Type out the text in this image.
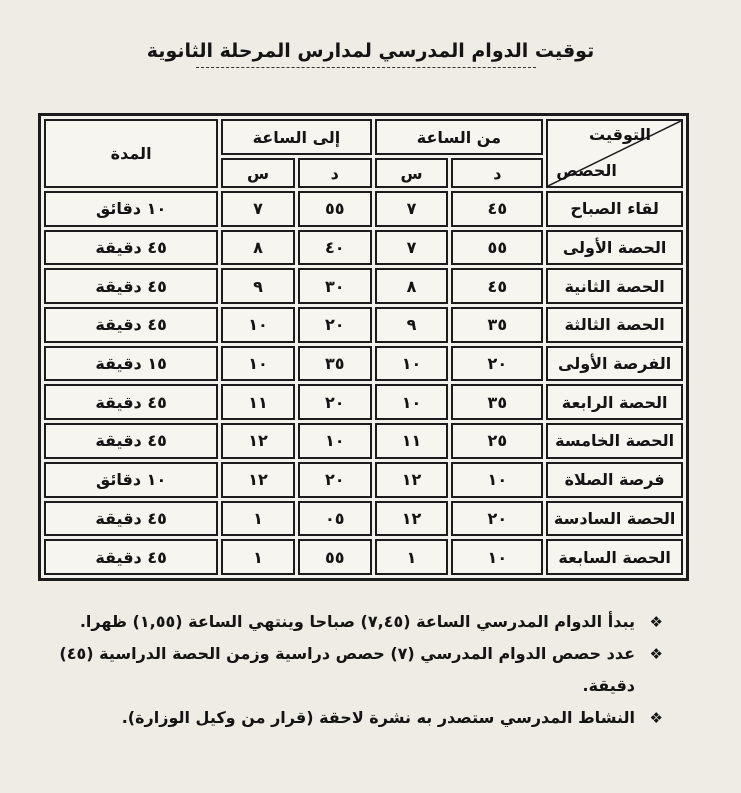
توقيت الدوام المدرسي لمدارس المرحلة الثانوية
التوقيت
الحصص	من الساعة		إلى الساعة		المدة
	د	س	د	س	
لقاء الصباح	٤٥	٧	٥٥	٧	١٠ دقائق
الحصة الأولى	٥٥	٧	٤٠	٨	٤٥ دقيقة
الحصة الثانية	٤٥	٨	٣٠	٩	٤٥ دقيقة
الحصة الثالثة	٣٥	٩	٢٠	١٠	٤٥ دقيقة
الفرصة الأولى	٢٠	١٠	٣٥	١٠	١٥ دقيقة
الحصة الرابعة	٣٥	١٠	٢٠	١١	٤٥ دقيقة
الحصة الخامسة	٢٥	١١	١٠	١٢	٤٥ دقيقة
فرصة الصلاة	١٠	١٢	٢٠	١٢	١٠ دقائق
الحصة السادسة	٢٠	١٢	٠٥	١	٤٥ دقيقة
الحصة السابعة	١٠	١	٥٥	١	٤٥ دقيقة
❖
يبدأ الدوام المدرسي الساعة (٧,٤٥) صباحا وينتهي الساعة (١,٥٥) ظهرا.
❖
عدد حصص الدوام المدرسي (٧) حصص دراسية وزمن الحصة الدراسية (٤٥) دقيقة.
❖
النشاط المدرسي ستصدر به نشرة لاحقة (قرار من وكيل الوزارة).
